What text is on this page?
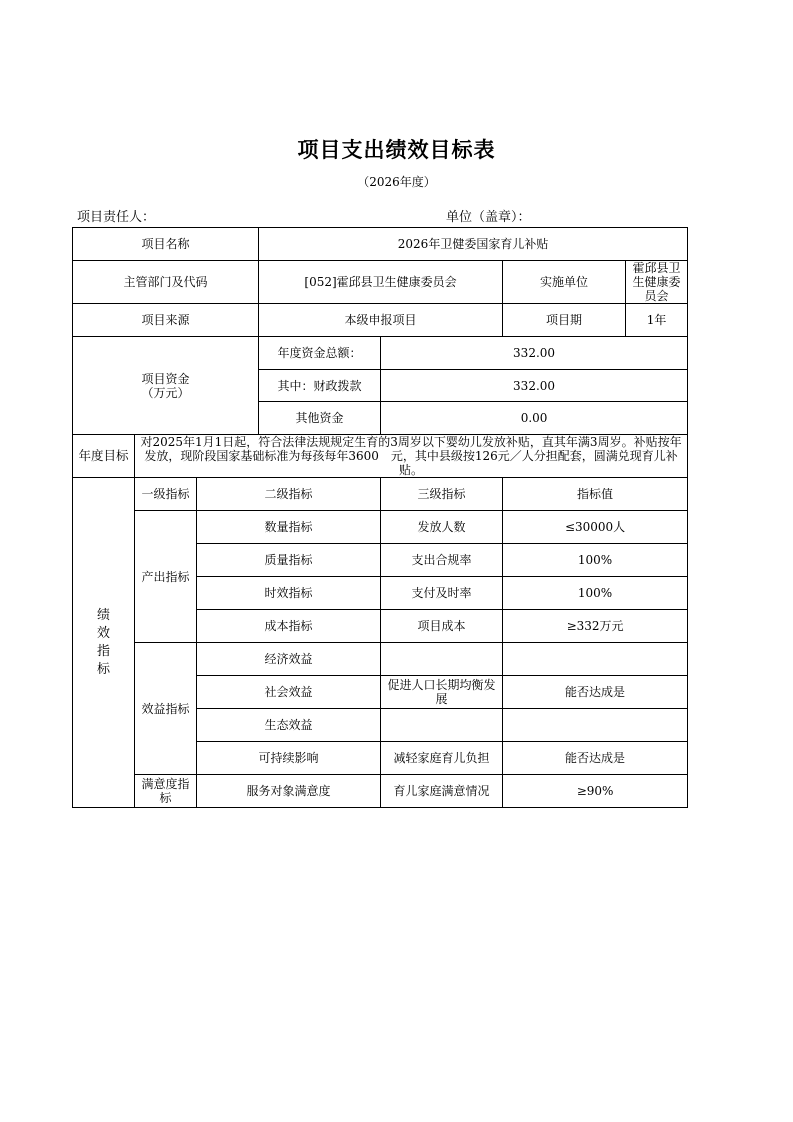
项目支出绩效目标表
（2026年度）
项目责任人：	单位（盖章）：
项目名称			2026年卫健委国家育儿补贴			
主管部门及代码			[052]霍邱县卫生健康委员会		实施单位	霍邱县卫生健康委员会
项目来源			本级申报项目		项目期	1年

项目资金
（万元）			年度资金总额：	332.00		
			其中：财政拨款	332.00		
			其他资金	0.00		
年度目标	对2025年1月1日起，符合法律法规规定生育的3周岁以下婴幼儿发放补贴，直其年满3周岁。补贴按年发放，现阶段国家基础标准为每孩每年3600　元，其中县级按126元／人分担配套，圆满兑现育儿补贴。					

绩效指标	一级指标	二级指标		三级指标	指标值	
	产出指标	数量指标		发放人数	≤30000人	
		质量指标		支出合规率	100%	
		时效指标		支付及时率	100%	
		成本指标		项目成本	≥332万元	
	效益指标	经济效益				
		社会效益		促进人口长期均衡发展	能否达成是	
		生态效益				
		可持续影响		减轻家庭育儿负担	能否达成是	
	满意度指标	服务对象满意度		育儿家庭满意情况	≥90%	
